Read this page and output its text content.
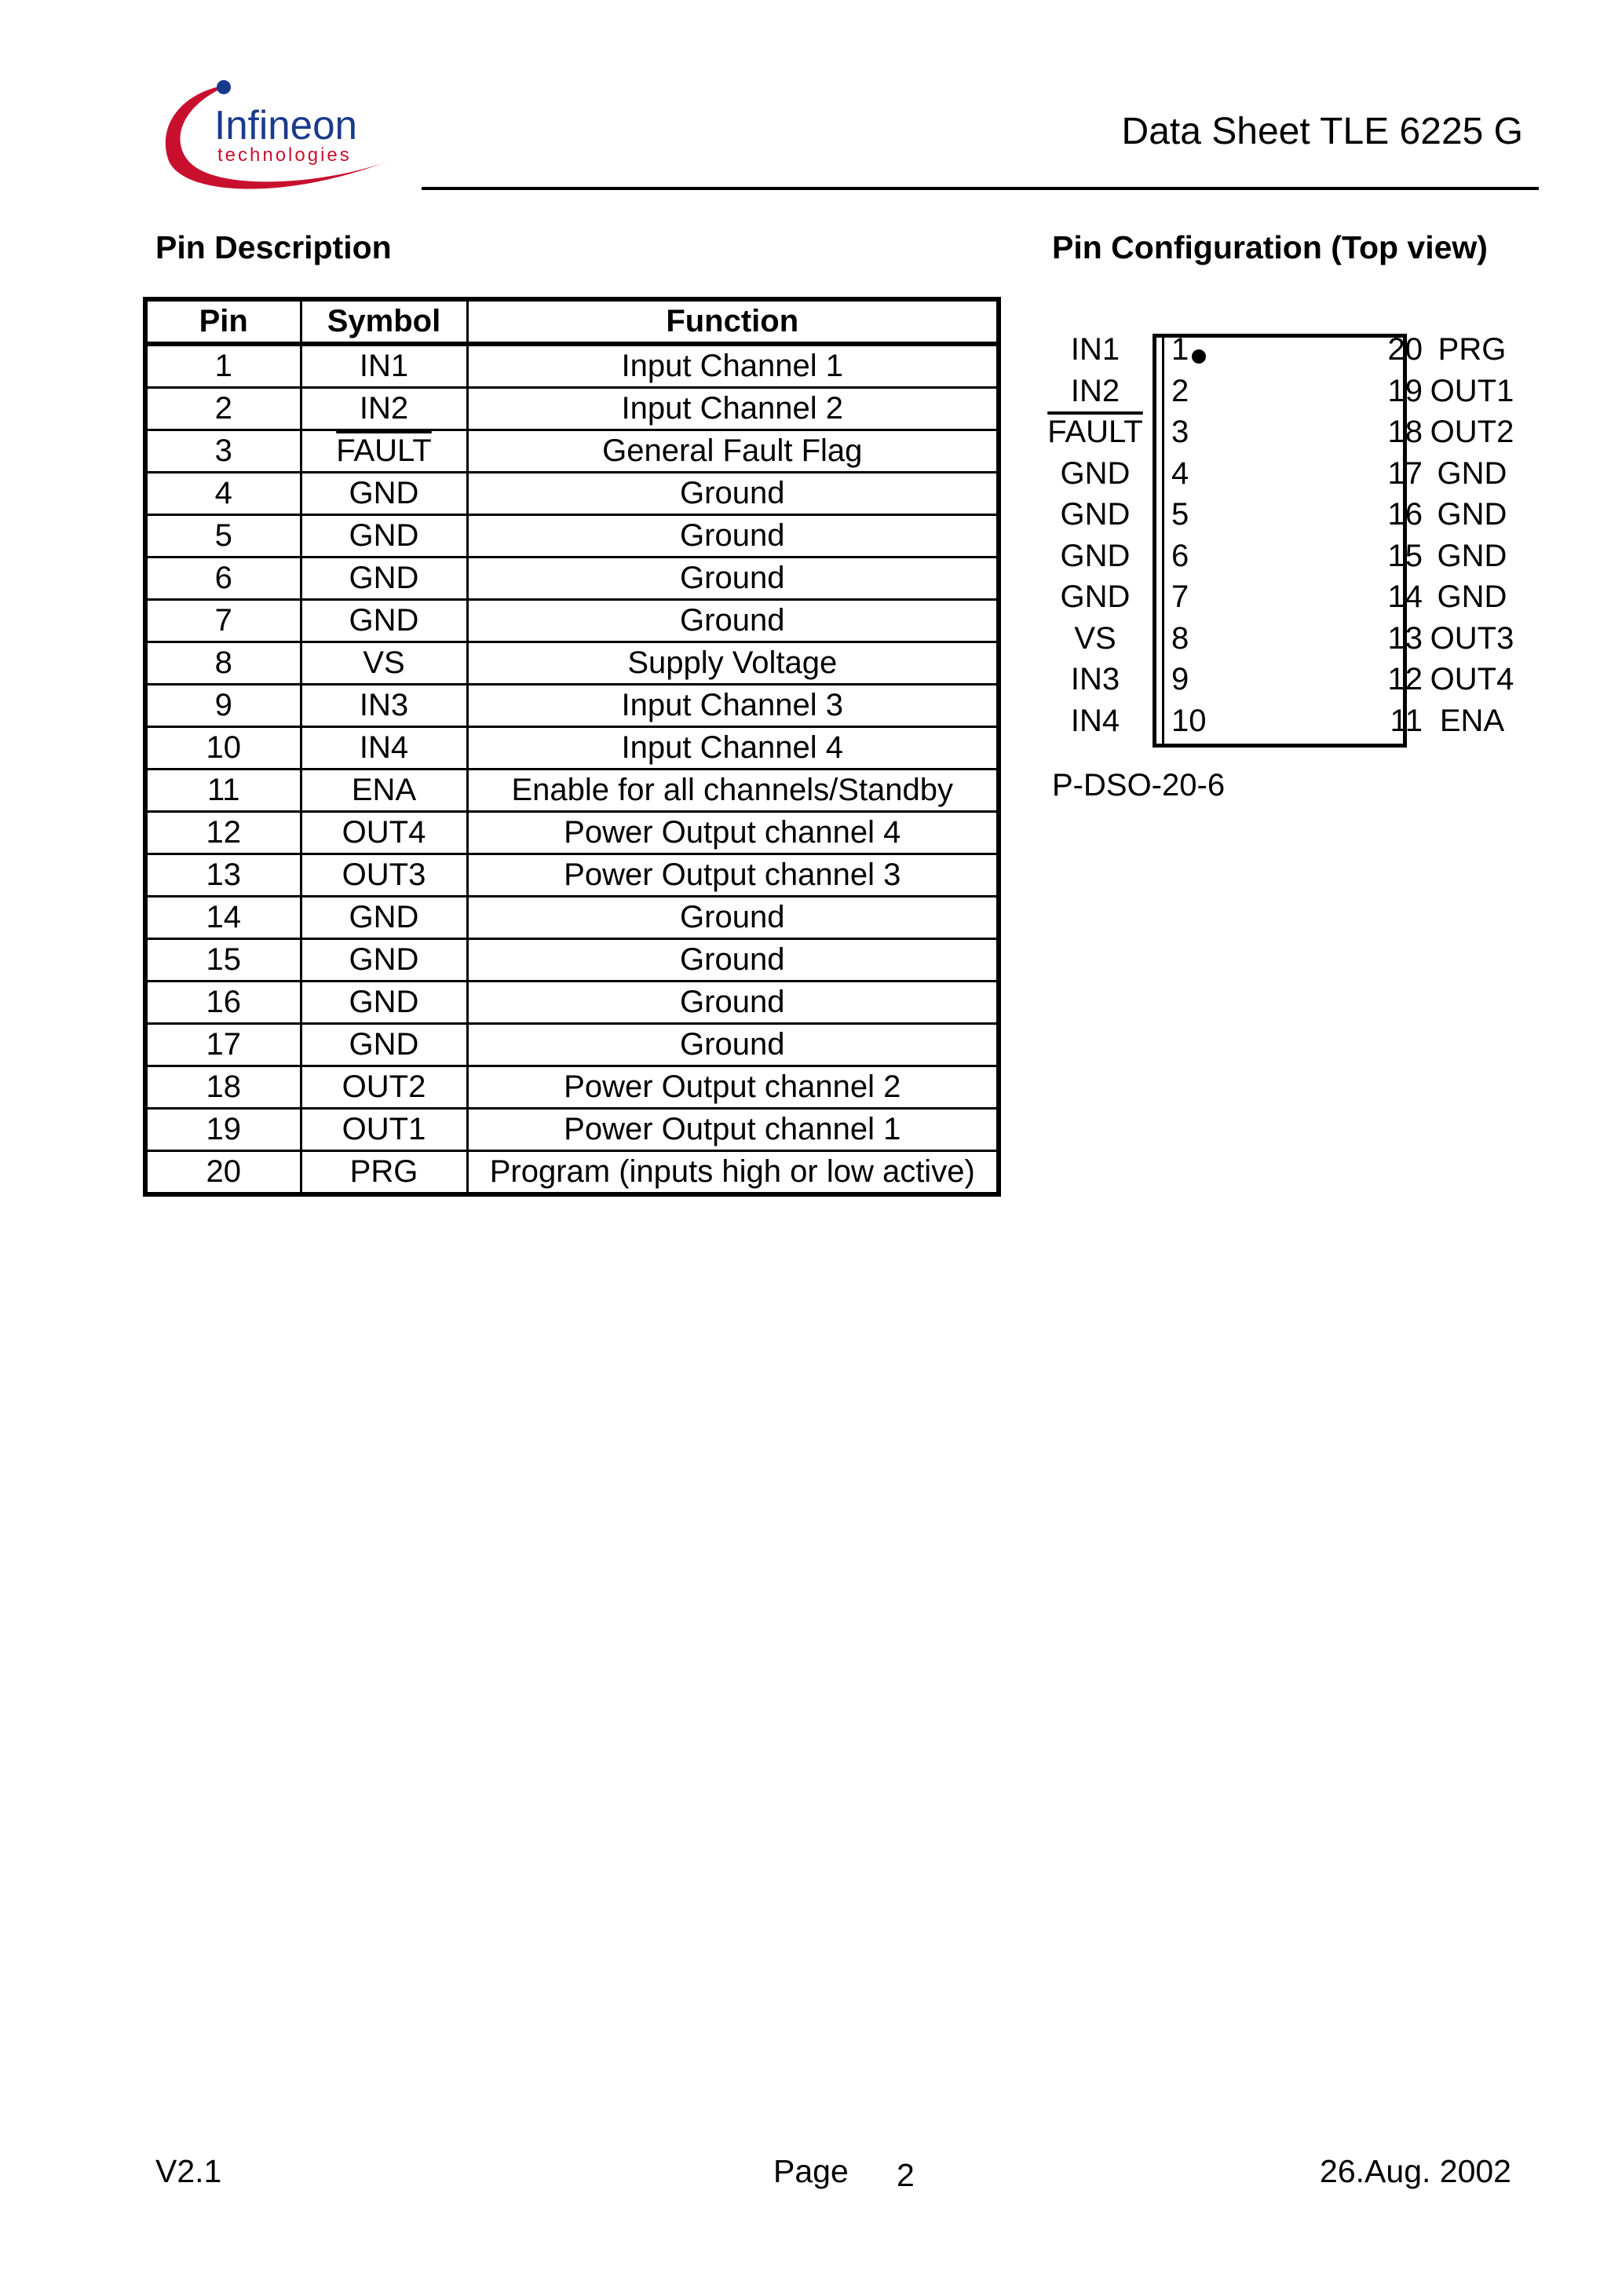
Infineon
technologies
Data Sheet TLE 6225 G
Pin Description	Pin Configuration (Top view)
Pin	Symbol	Function
1	IN1	Input Channel 1
2	IN2	Input Channel 2
3	FAULT	General Fault Flag
4	GND	Ground
5	GND	Ground
6	GND	Ground
7	GND	Ground
8	VS	Supply Voltage
9	IN3	Input Channel 3
10	IN4	Input Channel 4
11	ENA	Enable for all channels/Standby
12	OUT4	Power Output channel 4
13	OUT3	Power Output channel 3
14	GND	Ground
15	GND	Ground
16	GND	Ground
17	GND	Ground
18	OUT2	Power Output channel 2
19	OUT1	Power Output channel 1
20	PRG	Program (inputs high or low active)
IN1	1
IN2	2
FAULT 3
GND	4
GND	5
GND	6
GND	7
VS	8
IN3	9
IN4	10
20 PRG
19 OUT1
18 OUT2
17 GND
16 GND
15 GND
14 GND
13 OUT3
12 OUT4
11 ENA
P-DSO-20-6
V2.1	Page 2	26.Aug. 2002
